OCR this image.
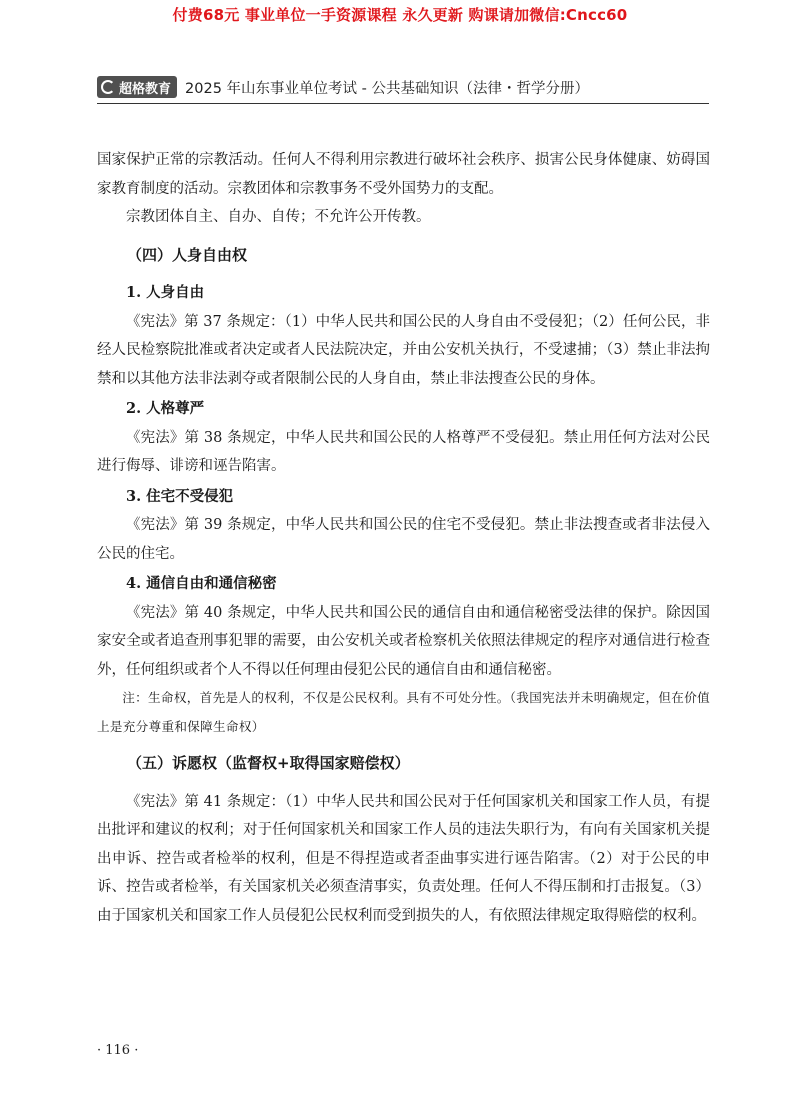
付费68元 事业单位一手资源课程 永久更新 购课请加微信:Cncc60
超格教育 2025 年山东事业单位考试 - 公共基础知识（法律・哲学分册）

国家保护正常的宗教活动。任何人不得利用宗教进行破坏社会秩序、损害公民身体健康、妨碍国家教育制度的活动。宗教团体和宗教事务不受外国势力的支配。

宗教团体自主、自办、自传；不允许公开传教。

（四）人身自由权

1. 人身自由

《宪法》第 37 条规定：（1）中华人民共和国公民的人身自由不受侵犯；（2）任何公民，非经人民检察院批准或者决定或者人民法院决定，并由公安机关执行，不受逮捕；（3）禁止非法拘禁和以其他方法非法剥夺或者限制公民的人身自由，禁止非法搜查公民的身体。

2. 人格尊严

《宪法》第 38 条规定，中华人民共和国公民的人格尊严不受侵犯。禁止用任何方法对公民进行侮辱、诽谤和诬告陷害。

3. 住宅不受侵犯

《宪法》第 39 条规定，中华人民共和国公民的住宅不受侵犯。禁止非法搜查或者非法侵入公民的住宅。

4. 通信自由和通信秘密

《宪法》第 40 条规定，中华人民共和国公民的通信自由和通信秘密受法律的保护。除因国家安全或者追查刑事犯罪的需要，由公安机关或者检察机关依照法律规定的程序对通信进行检查外，任何组织或者个人不得以任何理由侵犯公民的通信自由和通信秘密。

注：生命权，首先是人的权利，不仅是公民权利。具有不可处分性。（我国宪法并未明确规定，但在价值上是充分尊重和保障生命权）

（五）诉愿权（监督权+取得国家赔偿权）

《宪法》第 41 条规定：（1）中华人民共和国公民对于任何国家机关和国家工作人员，有提出批评和建议的权利；对于任何国家机关和国家工作人员的违法失职行为，有向有关国家机关提出申诉、控告或者检举的权利，但是不得捏造或者歪曲事实进行诬告陷害。（2）对于公民的申诉、控告或者检举，有关国家机关必须查清事实，负责处理。任何人不得压制和打击报复。（3）由于国家机关和国家工作人员侵犯公民权利而受到损失的人，有依照法律规定取得赔偿的权利。

· 116 ·
